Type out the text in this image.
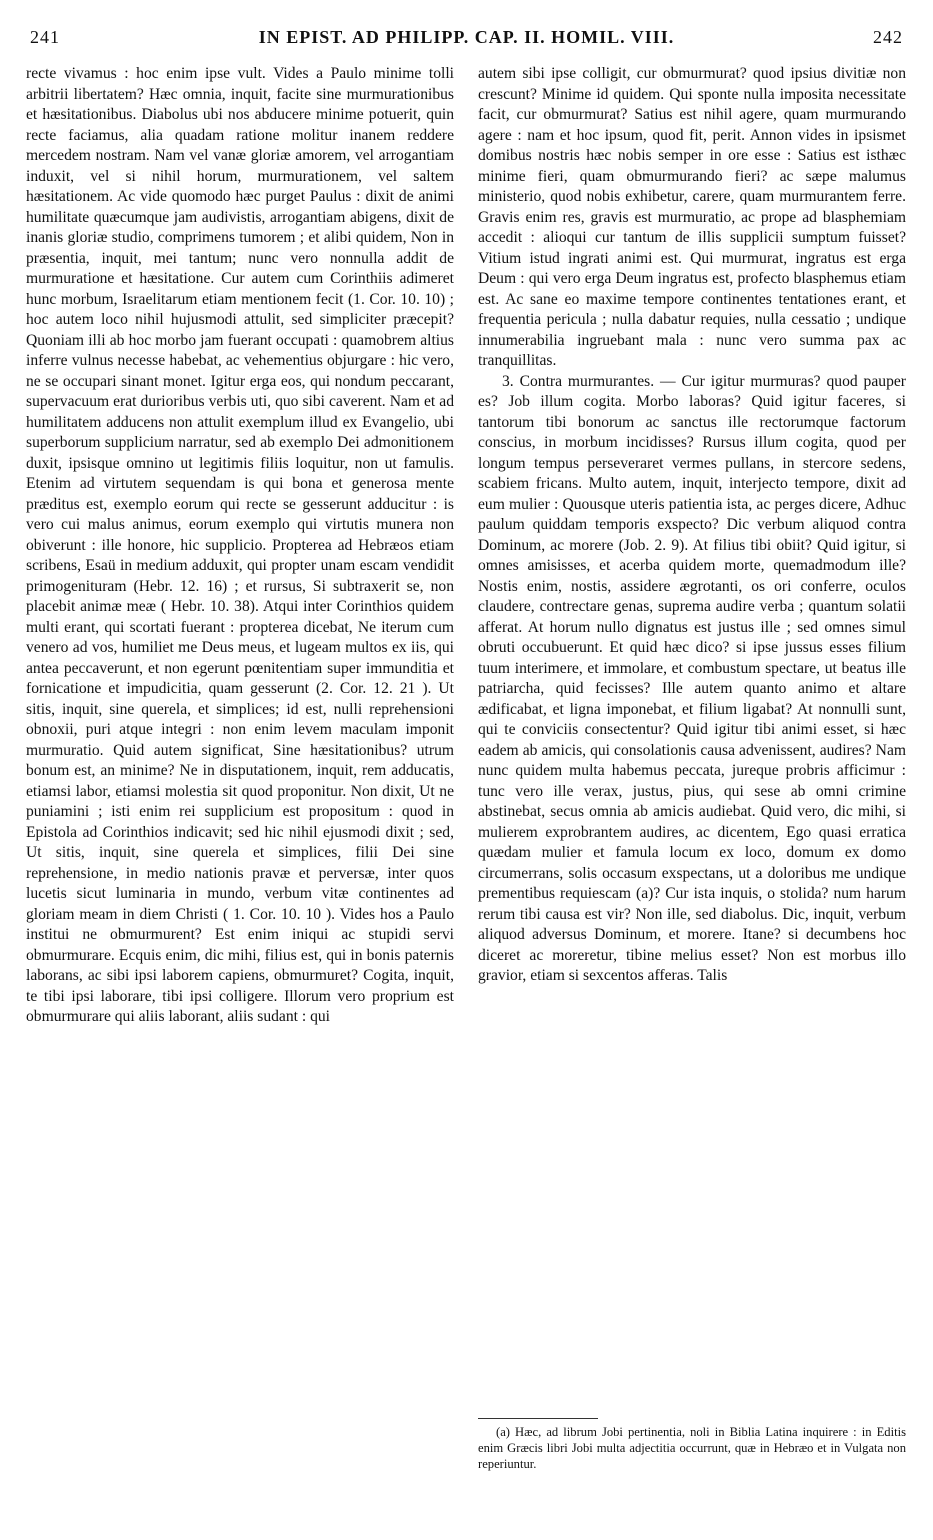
241	IN EPIST. AD PHILIPP. CAP. II. HOMIL. VIII.	242

recte vivamus : hoc enim ipse vult. Vides a Paulo minime tolli arbitrii libertatem? Hæc omnia, inquit, facite sine murmurationibus et hæsitationibus. Diabolus ubi nos abducere minime potuerit, quin recte faciamus, alia quadam ratione molitur inanem reddere mercedem nostram. Nam vel vanæ gloriæ amorem, vel arrogantiam induxit, vel si nihil horum, murmurationem, vel saltem hæsitationem. Ac vide quomodo hæc purget Paulus : dixit de animi humilitate quæcumque jam audivistis, arrogantiam abigens, dixit de inanis gloriæ studio, comprimens tumorem ; et alibi quidem, Non in præsentia, inquit, mei tantum; nunc vero nonnulla addit de murmuratione et hæsitatione. Cur autem cum Corinthiis adimeret hunc morbum, Israelitarum etiam mentionem fecit (1. Cor. 10. 10) ; hoc autem loco nihil hujusmodi attulit, sed simpliciter præcepit? Quoniam illi ab hoc morbo jam fuerant occupati : quamobrem altius inferre vulnus necesse habebat, ac vehementius objurgare : hic vero, ne se occupari sinant monet. Igitur erga eos, qui nondum peccarant, supervacuum erat durioribus verbis uti, quo sibi caverent. Nam et ad humilitatem adducens non attulit exemplum illud ex Evangelio, ubi superborum supplicium narratur, sed ab exemplo Dei admonitionem duxit, ipsisque omnino ut legitimis filiis loquitur, non ut famulis. Etenim ad virtutem sequendam is qui bona et generosa mente præditus est, exemplo eorum qui recte se gesserunt adducitur : is vero cui malus animus, eorum exemplo qui virtutis munera non obiverunt : ille honore, hic supplicio. Propterea ad Hebræos etiam scribens, Esaü in medium adduxit, qui propter unam escam vendidit primogenituram (Hebr. 12. 16) ; et rursus, Si subtraxerit se, non placebit animæ meæ ( Hebr. 10. 38). Atqui inter Corinthios quidem multi erant, qui scortati fuerant : propterea dicebat, Ne iterum cum venero ad vos, humiliet me Deus meus, et lugeam multos ex iis, qui antea peccaverunt, et non egerunt pœnitentiam super immunditia et fornicatione et impudicitia, quam gesserunt (2. Cor. 12. 21 ). Ut sitis, inquit, sine querela, et simplices; id est, nulli reprehensioni obnoxii, puri atque integri : non enim levem maculam imponit murmuratio. Quid autem significat, Sine hæsitationibus? utrum bonum est, an minime? Ne in disputationem, inquit, rem adducatis, etiamsi labor, etiamsi molestia sit quod proponitur. Non dixit, Ut ne puniamini ; isti enim rei supplicium est propositum : quod in Epistola ad Corinthios indicavit; sed hic nihil ejusmodi dixit ; sed, Ut sitis, inquit, sine querela et simplices, filii Dei sine reprehensione, in medio nationis pravæ et perversæ, inter quos lucetis sicut luminaria in mundo, verbum vitæ continentes ad gloriam meam in diem Christi ( 1. Cor. 10. 10 ). Vides hos a Paulo institui ne obmurmurent? Est enim iniqui ac stupidi servi obmurmurare. Ecquis enim, dic mihi, filius est, qui in bonis paternis laborans, ac sibi ipsi laborem capiens, obmurmuret? Cogita, inquit, te tibi ipsi laborare, tibi ipsi colligere. Illorum vero proprium est obmurmurare qui aliis laborant, aliis sudant : qui

autem sibi ipse colligit, cur obmurmurat? quod ipsius divitiæ non crescunt? Minime id quidem. Qui sponte nulla imposita necessitate facit, cur obmurmurat? Satius est nihil agere, quam murmurando agere : nam et hoc ipsum, quod fit, perit. Annon vides in ipsismet domibus nostris hæc nobis semper in ore esse : Satius est isthæc minime fieri, quam obmurmurando fieri? ac sæpe malumus ministerio, quod nobis exhibetur, carere, quam murmurantem ferre. Gravis enim res, gravis est murmuratio, ac prope ad blasphemiam accedit : alioqui cur tantum de illis supplicii sumptum fuisset? Vitium istud ingrati animi est. Qui murmurat, ingratus est erga Deum : qui vero erga Deum ingratus est, profecto blasphemus etiam est. Ac sane eo maxime tempore continentes tentationes erant, et frequentia pericula ; nulla dabatur requies, nulla cessatio ; undique innumerabilia ingruebant mala : nunc vero summa pax ac tranquillitas.

3. Contra murmurantes. — Cur igitur murmuras? quod pauper es? Job illum cogita. Morbo laboras? Quid igitur faceres, si tantorum tibi bonorum ac sanctus ille rectorumque factorum conscius, in morbum incidisses? Rursus illum cogita, quod per longum tempus perseveraret vermes pullans, in stercore sedens, scabiem fricans. Multo autem, inquit, interjecto tempore, dixit ad eum mulier : Quousque uteris patientia ista, ac perges dicere, Adhuc paulum quiddam temporis exspecto? Dic verbum aliquod contra Dominum, ac morere (Job. 2. 9). At filius tibi obiit? Quid igitur, si omnes amisisses, et acerba quidem morte, quemadmodum ille? Nostis enim, nostis, assidere ægrotanti, os ori conferre, oculos claudere, contrectare genas, suprema audire verba ; quantum solatii afferat. At horum nullo dignatus est justus ille ; sed omnes simul obruti occubuerunt. Et quid hæc dico? si ipse jussus esses filium tuum interimere, et immolare, et combustum spectare, ut beatus ille patriarcha, quid fecisses? Ille autem quanto animo et altare ædificabat, et ligna imponebat, et filium ligabat? At nonnulli sunt, qui te conviciis consectentur? Quid igitur tibi animi esset, si hæc eadem ab amicis, qui consolationis causa advenissent, audires? Nam nunc quidem multa habemus peccata, jureque probris afficimur : tunc vero ille verax, justus, pius, qui sese ab omni crimine abstinebat, secus omnia ab amicis audiebat. Quid vero, dic mihi, si mulierem exprobrantem audires, ac dicentem, Ego quasi erratica quædam mulier et famula locum ex loco, domum ex domo circumerrans, solis occasum exspectans, ut a doloribus me undique prementibus requiescam (a)? Cur ista inquis, o stolida? num harum rerum tibi causa est vir? Non ille, sed diabolus. Dic, inquit, verbum aliquod adversus Dominum, et morere. Itane? si decumbens hoc diceret ac moreretur, tibine melius esset? Non est morbus illo gravior, etiam si sexcentos afferas. Talis

(a) Hæc, ad librum Jobi pertinentia, noli in Biblia Latina inquirere : in Editis enim Græcis libri Jobi multa adjectitia occurrunt, quæ in Hebræo et in Vulgata non reperiuntur.
